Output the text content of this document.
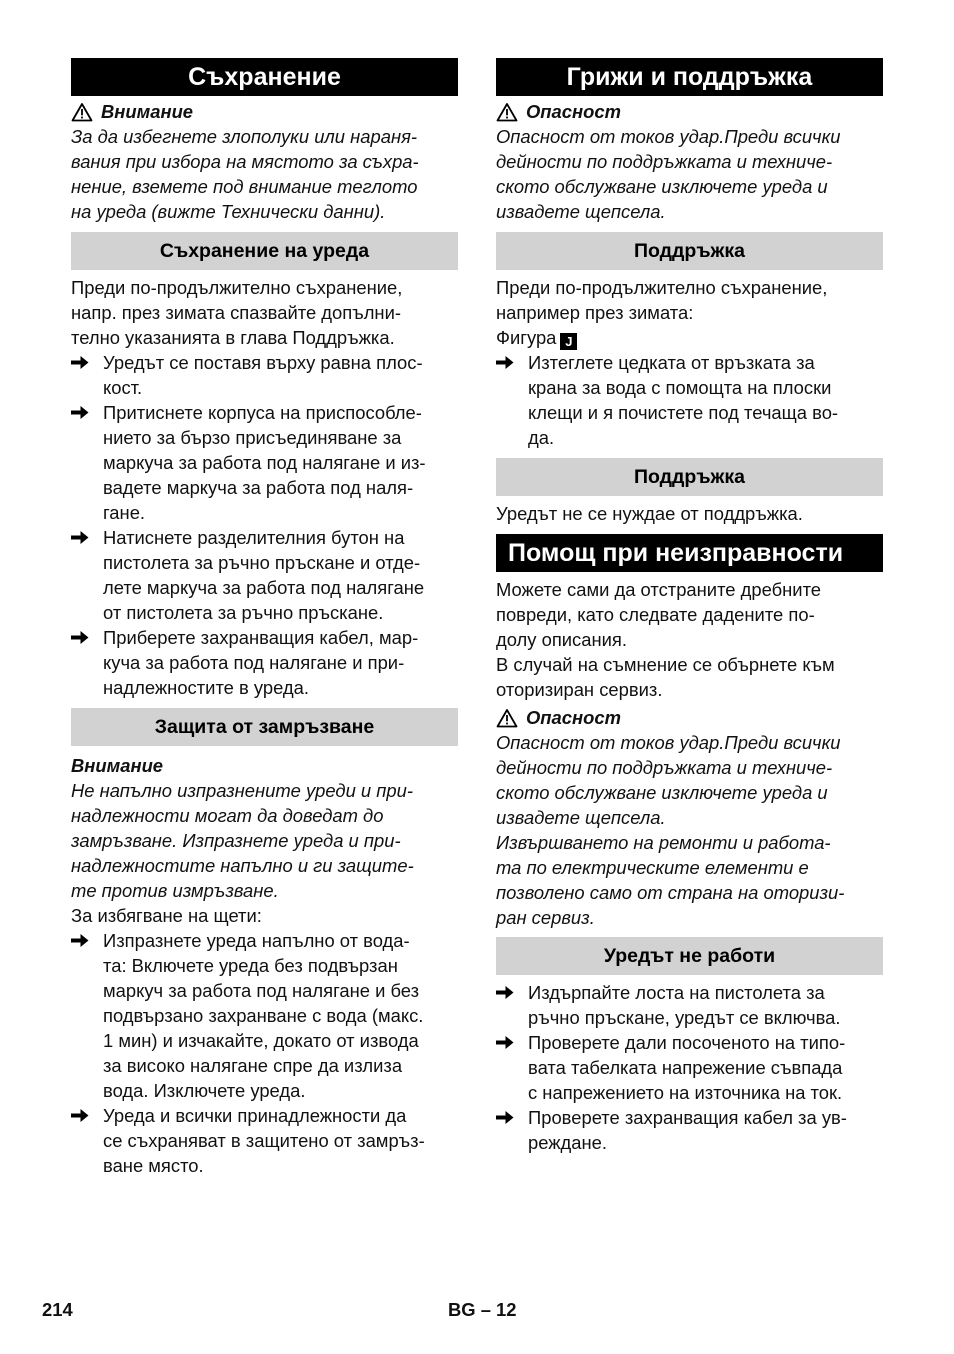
Съхранение
Внимание

За да избегнете злополуки или нараня-

вания при избора на мястото за съхра-

нение, вземете под внимание теглото

на уреда (вижте Технически данни).

Съхранение на уреда

Преди по-продължително съхранение,

напр. през зимата спазвайте допълни-

телно указанията в глава Поддръжка.

Уредът се поставя върху равна плос-

кост.

Притиснете корпуса на приспособле-

нието за бързо присъединяване за

маркуча за работа под налягане и из-

вадете маркуча за работа под наля-

гане.

Натиснете разделителния бутон на

пистолета за ръчно пръскане и отде-

лете маркуча за работа под налягане

от пистолета за ръчно пръскане.

Приберете захранващия кабел, мар-

куча за работа под налягане и при-

надлежностите в уреда.

Защита от замръзване
Внимание

Не напълно изпразнените уреди и при-

надлежности могат да доведат до

замръзване. Изпразнете уреда и при-

надлежностите напълно и ги защите-

те против измръзване.

За избягване на щети:

Изпразнете уреда напълно от вода-

та: Включете уреда без подвързан

маркуч за работа под налягане и без

подвързано захранване с вода (макс.

1 мин) и изчакайте, докато от извода

за високо налягане спре да излиза

вода. Изключете уреда.

Уреда и всички принадлежности да

се съхраняват в защитено от замръз-

ване място.

Грижи и поддръжка
Опасност

Опасност от токов удар.Преди всички

дейности по поддръжката и техниче-

ското обслужване изключете уреда и

извадете щепсела.

Поддръжка

Преди по-продължително съхранение,

например през зимата:

Фигура J

Изтеглете цедката от връзката за

крана за вода с помощта на плоски

клещи и я почистете под течаща во-

да.

Поддръжка

Уредът не се нуждае от поддръжка.

Помощ при неизправности

Можете сами да отстраните дребните

повреди, като следвате дадените по-

долу описания.

В случай на съмнение се обърнете към

оторизиран сервиз.

Опасност

Опасност от токов удар.Преди всички

дейности по поддръжката и техниче-

ското обслужване изключете уреда и

извадете щепсела.

Извършването на ремонти и работа-

та по електрическите елементи е

позволено само от страна на оторизи-

ран сервиз.

Уредът не работи

Издърпайте лоста на пистолета за

ръчно пръскане, уредът се включва.

Проверете дали посоченото на типо-

вата табелката напрежение съвпада

с напрежението на източника на ток.

Проверете захранващия кабел за ув-

реждане.

214	BG – 12
